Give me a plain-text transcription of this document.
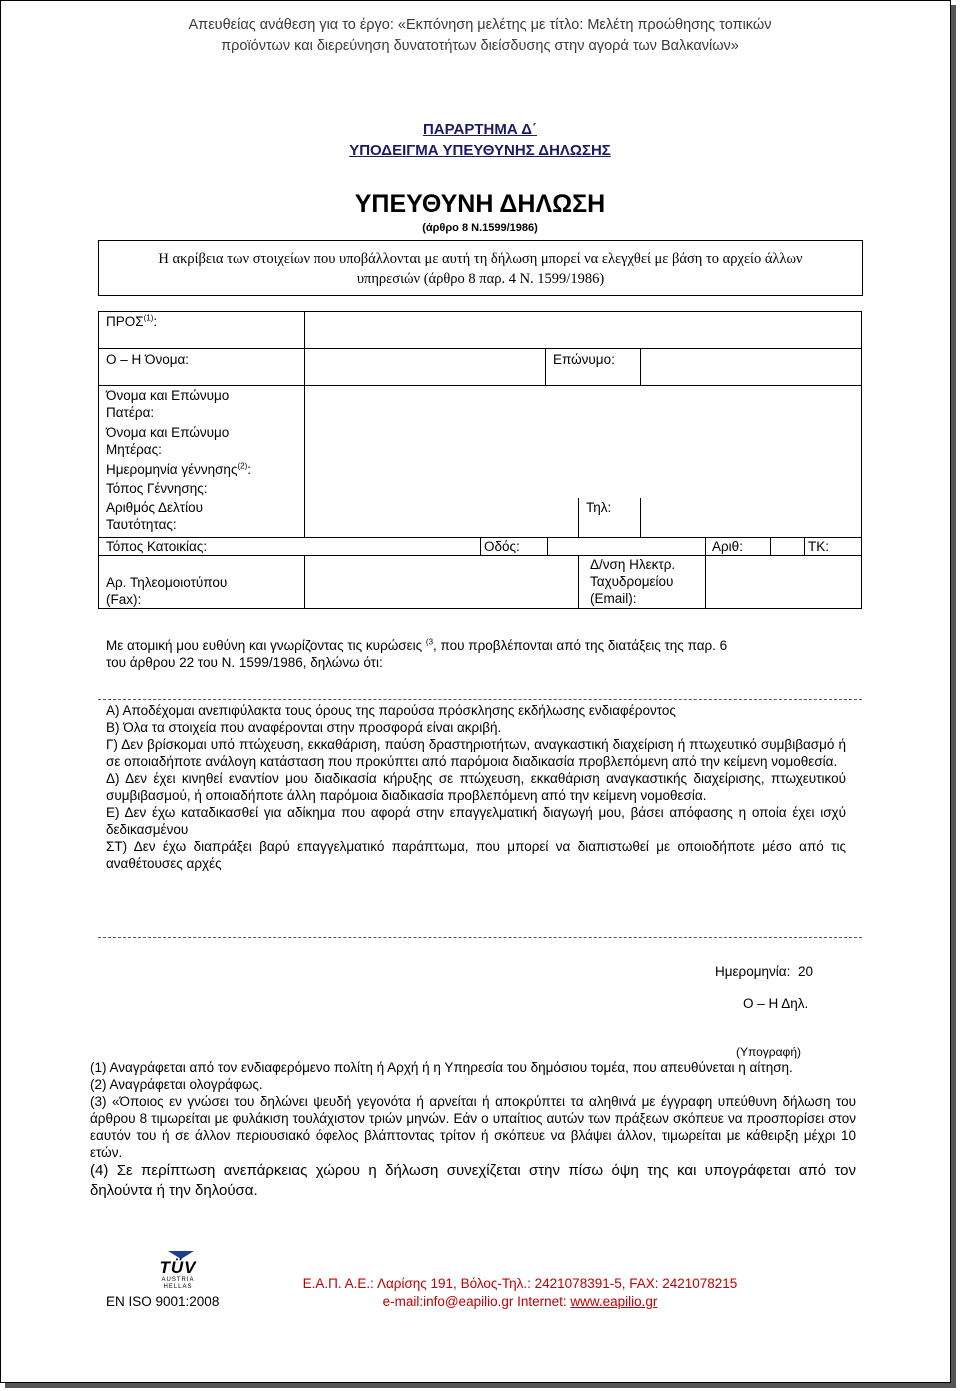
Απευθείας ανάθεση για το έργο: «Εκπόνηση μελέτης με τίτλο: Μελέτη προώθησης τοπικών
προϊόντων και διερεύνηση δυνατοτήτων διείσδυσης στην αγορά των Βαλκανίων»
ΠΑΡΑΡΤΗΜΑ Δ΄
ΥΠΟΔΕΙΓΜΑ ΥΠΕΥΘΥΝΗΣ ΔΗΛΩΣΗΣ
ΥΠΕΥΘΥΝΗ ΔΗΛΩΣΗ
(άρθρο 8 Ν.1599/1986)
Η ακρίβεια των στοιχείων που υποβάλλονται με αυτή τη δήλωση μπορεί να ελεγχθεί με βάση το αρχείο άλλων
υπηρεσιών (άρθρο 8 παρ. 4 Ν. 1599/1986)
ΠΡΟΣ$^{(1)}$:
Ο – Η Όνομα:	Επώνυμο:
Όνομα και Επώνυμο
Πατέρα:
Όνομα και Επώνυμο
Μητέρας:
Ημερομηνία γέννησης$^{(2)}$:
Τόπος Γέννησης:
Αριθμός Δελτίου
Ταυτότητας:
Τηλ:
Τόπος Κατοικίας:	Οδός:	Αριθ:	ΤΚ:
Αρ. Τηλεομοιοτύπου
(Fax):
Δ/νση Ηλεκτρ.
Ταχυδρομείου
(Email):
Με ατομική μου ευθύνη και γνωρίζοντας τις κυρώσεις $^{(3}$, που προβλέπονται από της διατάξεις της παρ. 6
του άρθρου 22 του Ν. 1599/1986, δηλώνω ότι:
Α) Αποδέχομαι ανεπιφύλακτα τους όρους της παρούσα πρόσκλησης εκδήλωσης ενδιαφέροντος
Β) Όλα τα στοιχεία που αναφέρονται στην προσφορά είναι ακριβή.
Γ) Δεν βρίσκομαι υπό πτώχευση, εκκαθάριση, παύση δραστηριοτήτων, αναγκαστική διαχείριση ή πτωχευτικό συμβιβασμό ή σε οποιαδήποτε ανάλογη κατάσταση που προκύπτει από παρόμοια διαδικασία προβλεπόμενη από την κείμενη νομοθεσία.
Δ) Δεν έχει κινηθεί εναντίον μου διαδικασία κήρυξης σε πτώχευση, εκκαθάριση αναγκαστικής διαχείρισης, πτωχευτικού συμβιβασμού, ή οποιαδήποτε άλλη παρόμοια διαδικασία προβλεπόμενη από την κείμενη νομοθεσία.
Ε) Δεν έχω καταδικασθεί για αδίκημα που αφορά στην επαγγελματική διαγωγή μου, βάσει απόφασης η οποία έχει ισχύ δεδικασμένου
ΣΤ) Δεν έχω διαπράξει βαρύ επαγγελματικό παράπτωμα, που μπορεί να διαπιστωθεί με οποιοδήποτε μέσο από τις αναθέτουσες αρχές
Ημερομηνία: 20
Ο – Η Δηλ.
(Υπογραφή)
(1) Αναγράφεται από τον ενδιαφερόμενο πολίτη ή Αρχή ή η Υπηρεσία του δημόσιου τομέα, που απευθύνεται η αίτηση.
(2) Αναγράφεται ολογράφως.
(3) «Όποιος εν γνώσει του δηλώνει ψευδή γεγονότα ή αρνείται ή αποκρύπτει τα αληθινά με έγγραφη υπεύθυνη δήλωση του άρθρου 8 τιμωρείται με φυλάκιση τουλάχιστον τριών μηνών. Εάν ο υπαίτιος αυτών των πράξεων σκόπευε να προσπορίσει στον εαυτόν του ή σε άλλον περιουσιακό όφελος βλάπτοντας τρίτον ή σκόπευε να βλάψει άλλον, τιμωρείται με κάθειρξη μέχρι 10 ετών.
(4) Σε περίπτωση ανεπάρκειας χώρου η δήλωση συνεχίζεται στην πίσω όψη της και υπογράφεται από τον δηλούντα ή την δηλούσα.
TÜV
AUSTRIA
HELLAS
EN ISO 9001:2008
Ε.Α.Π. Α.Ε.: Λαρίσης 191, Βόλος-Τηλ.: 2421078391-5, FAX: 2421078215
e-mail:info@eapilio.gr Internet: www.eapilio.gr
